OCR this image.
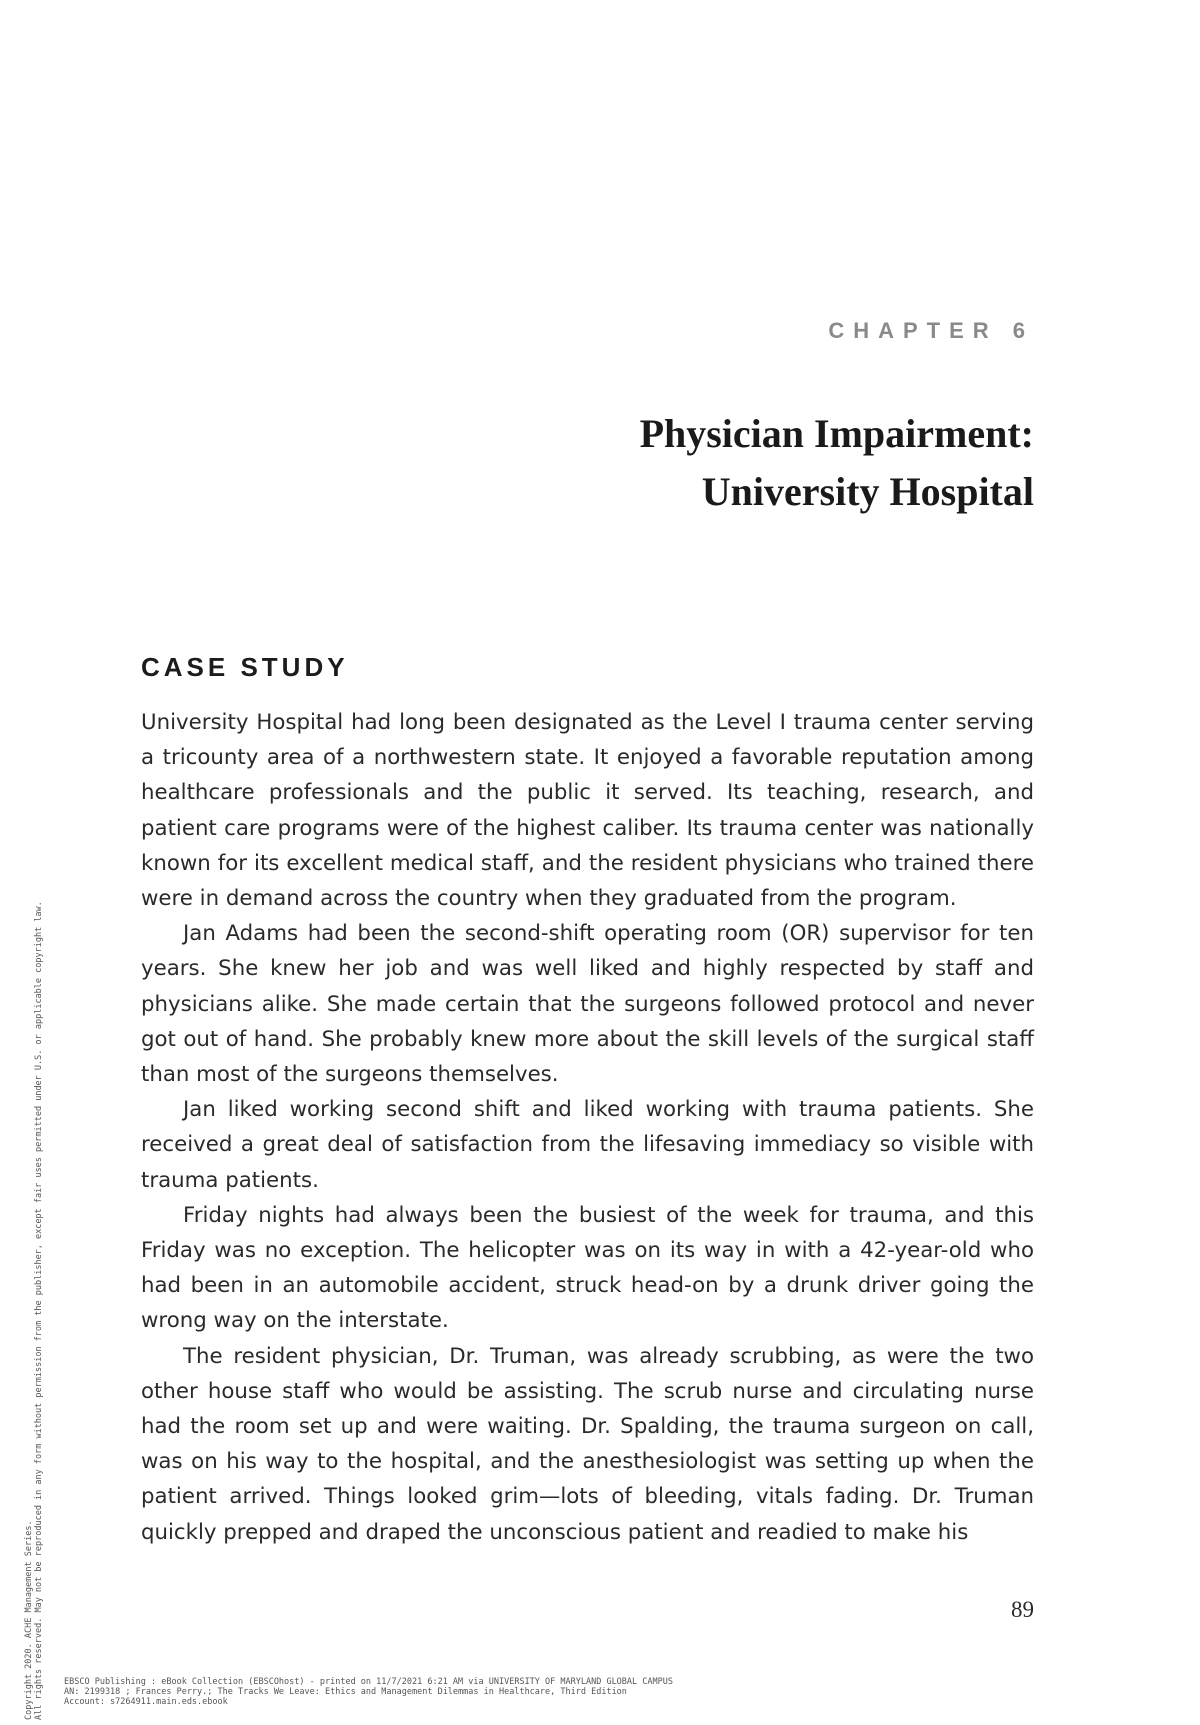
CHAPTER 6
Physician Impairment:
University Hospital
CASE STUDY

University Hospital had long been designated as the Level I trauma center serving a tricounty area of a northwestern state. It enjoyed a favorable reputation among healthcare professionals and the public it served. Its teaching, research, and patient care programs were of the highest caliber. Its trauma center was nationally known for its excellent medical staff, and the resident physicians who trained there were in demand across the country when they graduated from the program.

Jan Adams had been the second-shift operating room (OR) supervisor for ten years. She knew her job and was well liked and highly respected by staff and physicians alike. She made certain that the surgeons followed protocol and never got out of hand. She probably knew more about the skill levels of the surgical staff than most of the surgeons themselves.

Jan liked working second shift and liked working with trauma patients. She received a great deal of satisfaction from the lifesaving immediacy so visible with trauma patients.

Friday nights had always been the busiest of the week for trauma, and this Friday was no exception. The helicopter was on its way in with a 42-year-old who had been in an automobile accident, struck head-on by a drunk driver going the wrong way on the interstate.

The resident physician, Dr. Truman, was already scrubbing, as were the two other house staff who would be assisting. The scrub nurse and circulating nurse had the room set up and were waiting. Dr. Spalding, the trauma surgeon on call, was on his way to the hospital, and the anesthesiologist was setting up when the patient arrived. Things looked grim—lots of bleeding, vitals fading. Dr. Truman quickly prepped and draped the unconscious patient and readied to make his

89
EBSCO Publishing : eBook Collection (EBSCOhost) - printed on 11/7/2021 6:21 AM via UNIVERSITY OF MARYLAND GLOBAL CAMPUS
AN: 2199318 ; Frances Perry.; The Tracks We Leave: Ethics and Management Dilemmas in Healthcare, Third Edition
Account: s7264911.main.eds.ebook
Copyright 2020. ACHE Management Series. All rights reserved. May not be reproduced in any form without permission from the publisher, except fair uses permitted under U.S. or applicable copyright law.
